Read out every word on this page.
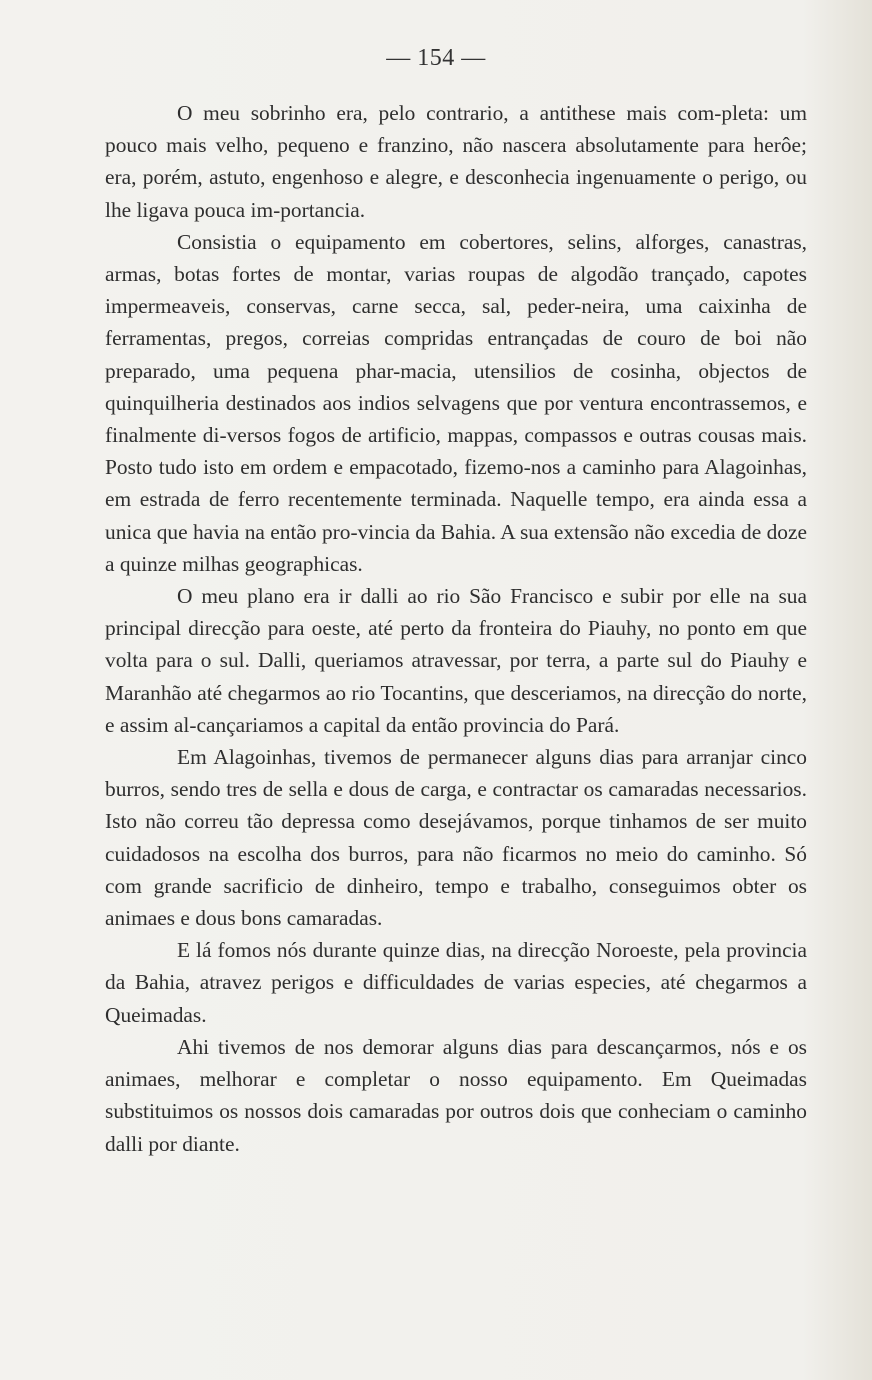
— 154 —

O meu sobrinho era, pelo contrario, a antithese mais com-pleta: um pouco mais velho, pequeno e franzino, não nascera absolutamente para herôe; era, porém, astuto, engenhoso e alegre, e desconhecia ingenuamente o perigo, ou lhe ligava pouca im-portancia.

Consistia o equipamento em cobertores, selins, alforges, canastras, armas, botas fortes de montar, varias roupas de algodão trançado, capotes impermeaveis, conservas, carne secca, sal, peder-neira, uma caixinha de ferramentas, pregos, correias compridas entrançadas de couro de boi não preparado, uma pequena phar-macia, utensilios de cosinha, objectos de quinquilheria destinados aos indios selvagens que por ventura encontrassemos, e finalmente di-versos fogos de artificio, mappas, compassos e outras cousas mais. Posto tudo isto em ordem e empacotado, fizemo-nos a caminho para Alagoinhas, em estrada de ferro recentemente terminada. Naquelle tempo, era ainda essa a unica que havia na então pro-vincia da Bahia. A sua extensão não excedia de doze a quinze milhas geographicas.

O meu plano era ir dalli ao rio São Francisco e subir por elle na sua principal direcção para oeste, até perto da fronteira do Piauhy, no ponto em que volta para o sul. Dalli, queriamos atravessar, por terra, a parte sul do Piauhy e Maranhão até chegarmos ao rio Tocantins, que desceriamos, na direcção do norte, e assim al-cançariamos a capital da então provincia do Pará.

Em Alagoinhas, tivemos de permanecer alguns dias para arranjar cinco burros, sendo tres de sella e dous de carga, e contractar os camaradas necessarios. Isto não correu tão depressa como desejávamos, porque tinhamos de ser muito cuidadosos na escolha dos burros, para não ficarmos no meio do caminho. Só com grande sacrificio de dinheiro, tempo e trabalho, conseguimos obter os animaes e dous bons camaradas.

E lá fomos nós durante quinze dias, na direcção Noroeste, pela provincia da Bahia, atravez perigos e difficuldades de varias especies, até chegarmos a Queimadas.

Ahi tivemos de nos demorar alguns dias para descançarmos, nós e os animaes, melhorar e completar o nosso equipamento. Em Queimadas substituimos os nossos dois camaradas por outros dois que conheciam o caminho dalli por diante.
